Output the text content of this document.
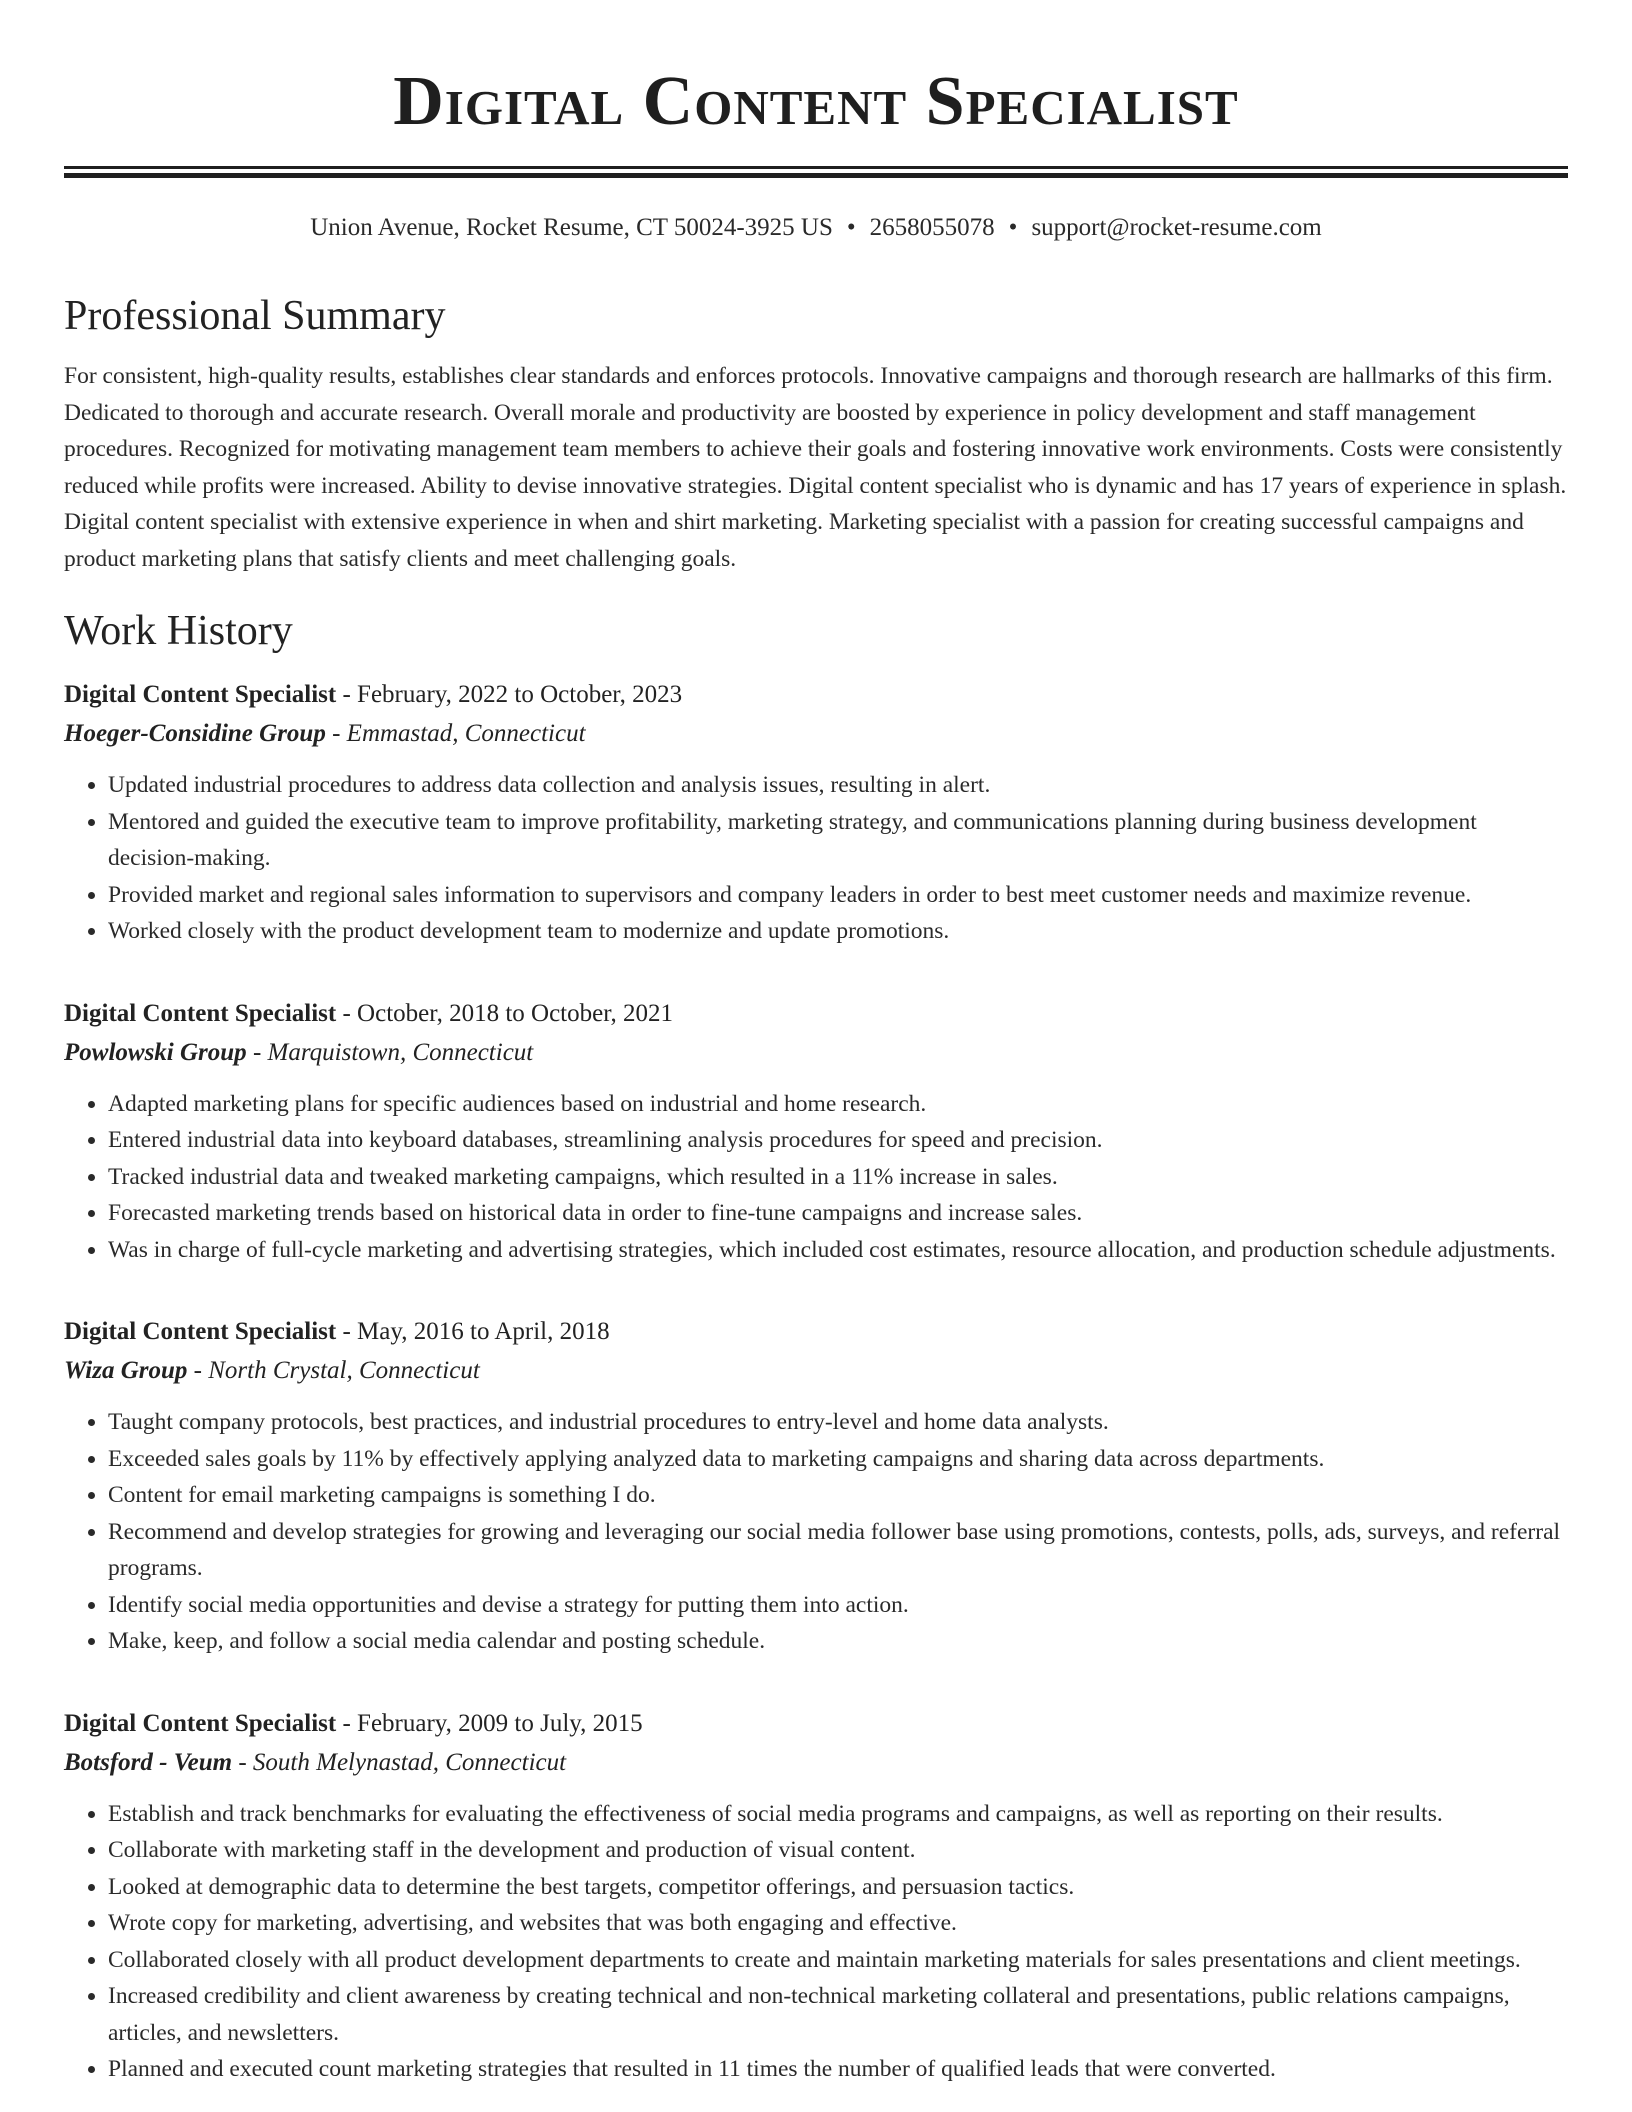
Digital Content Specialist
Union Avenue, Rocket Resume, CT 50024-3925 US • 2658055078 • support@rocket-resume.com
Professional Summary

For consistent, high-quality results, establishes clear standards and enforces protocols. Innovative campaigns and thorough research are hallmarks of this firm. Dedicated to thorough and accurate research. Overall morale and productivity are boosted by experience in policy development and staff management procedures. Recognized for motivating management team members to achieve their goals and fostering innovative work environments. Costs were consistently reduced while profits were increased. Ability to devise innovative strategies. Digital content specialist who is dynamic and has 17 years of experience in splash. Digital content specialist with extensive experience in when and shirt marketing. Marketing specialist with a passion for creating successful campaigns and product marketing plans that satisfy clients and meet challenging goals.

Work History
Digital Content Specialist - February, 2022 to October, 2023
Hoeger-Considine Group - Emmastad, Connecticut
• Updated industrial procedures to address data collection and analysis issues, resulting in alert.
• Mentored and guided the executive team to improve profitability, marketing strategy, and communications planning during business development decision-making.
• Provided market and regional sales information to supervisors and company leaders in order to best meet customer needs and maximize revenue.
• Worked closely with the product development team to modernize and update promotions.
Digital Content Specialist - October, 2018 to October, 2021
Powlowski Group - Marquistown, Connecticut
• Adapted marketing plans for specific audiences based on industrial and home research.
• Entered industrial data into keyboard databases, streamlining analysis procedures for speed and precision.
• Tracked industrial data and tweaked marketing campaigns, which resulted in a 11% increase in sales.
• Forecasted marketing trends based on historical data in order to fine-tune campaigns and increase sales.
• Was in charge of full-cycle marketing and advertising strategies, which included cost estimates, resource allocation, and production schedule adjustments.
Digital Content Specialist - May, 2016 to April, 2018
Wiza Group - North Crystal, Connecticut
• Taught company protocols, best practices, and industrial procedures to entry-level and home data analysts.
• Exceeded sales goals by 11% by effectively applying analyzed data to marketing campaigns and sharing data across departments.
• Content for email marketing campaigns is something I do.
• Recommend and develop strategies for growing and leveraging our social media follower base using promotions, contests, polls, ads, surveys, and referral programs.
• Identify social media opportunities and devise a strategy for putting them into action.
• Make, keep, and follow a social media calendar and posting schedule.
Digital Content Specialist - February, 2009 to July, 2015
Botsford - Veum - South Melynastad, Connecticut
• Establish and track benchmarks for evaluating the effectiveness of social media programs and campaigns, as well as reporting on their results.
• Collaborate with marketing staff in the development and production of visual content.
• Looked at demographic data to determine the best targets, competitor offerings, and persuasion tactics.
• Wrote copy for marketing, advertising, and websites that was both engaging and effective.
• Collaborated closely with all product development departments to create and maintain marketing materials for sales presentations and client meetings.
• Increased credibility and client awareness by creating technical and non-technical marketing collateral and presentations, public relations campaigns, articles, and newsletters.
• Planned and executed count marketing strategies that resulted in 11 times the number of qualified leads that were converted.
